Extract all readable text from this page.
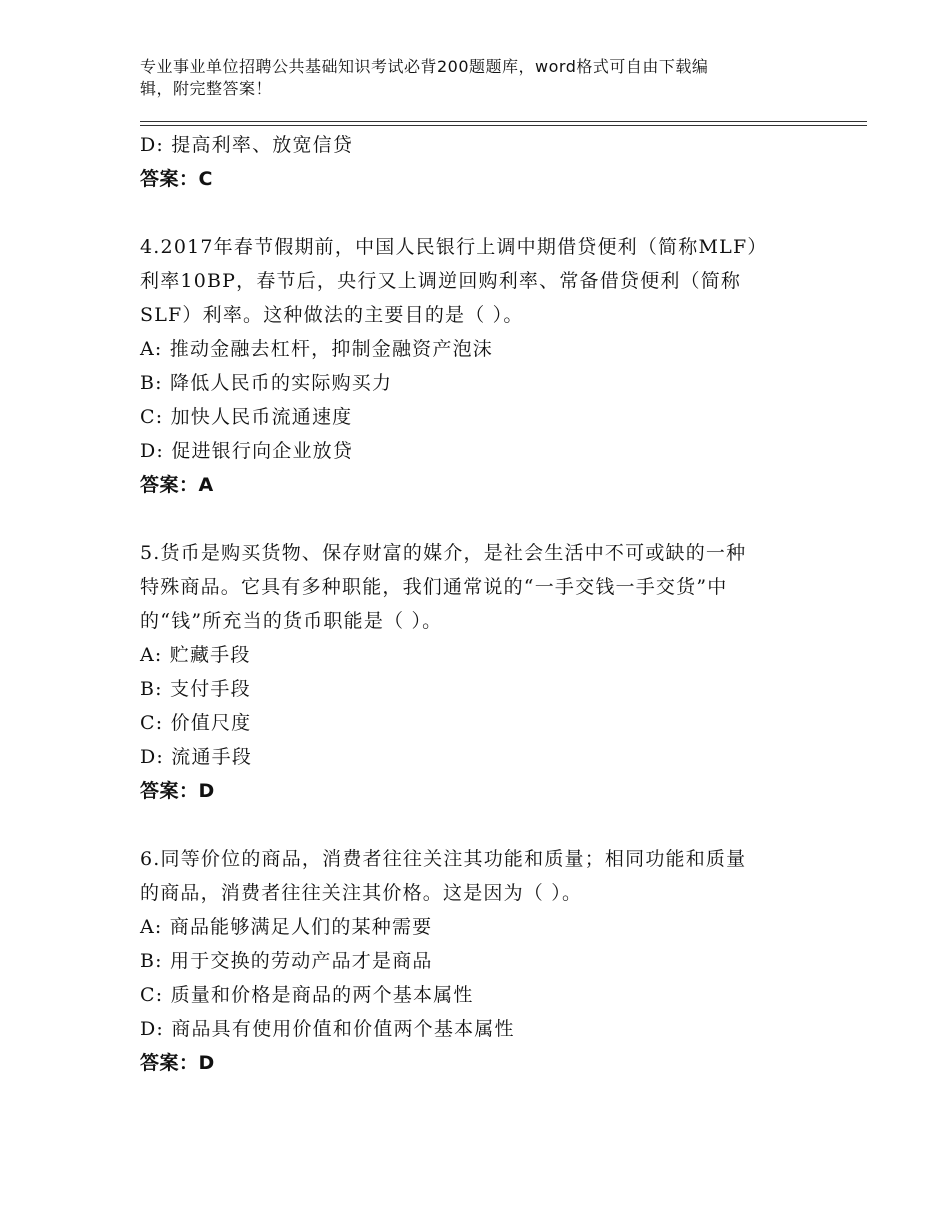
专业事业单位招聘公共基础知识考试必背200题题库，word格式可自由下载编
辑，附完整答案！
D: 提高利率、放宽信贷
答案：C
4.2017年春节假期前，中国人民银行上调中期借贷便利（简称MLF）
利率10BP，春节后，央行又上调逆回购利率、常备借贷便利（简称
SLF）利率。这种做法的主要目的是（ ）。
A: 推动金融去杠杆，抑制金融资产泡沫
B: 降低人民币的实际购买力
C: 加快人民币流通速度
D: 促进银行向企业放贷
答案：A
5.货币是购买货物、保存财富的媒介，是社会生活中不可或缺的一种
特殊商品。它具有多种职能，我们通常说的“一手交钱一手交货”中
的“钱”所充当的货币职能是（ ）。
A: 贮藏手段
B: 支付手段
C: 价值尺度
D: 流通手段
答案：D
6.同等价位的商品，消费者往往关注其功能和质量；相同功能和质量
的商品，消费者往往关注其价格。这是因为（ ）。
A: 商品能够满足人们的某种需要
B: 用于交换的劳动产品才是商品
C: 质量和价格是商品的两个基本属性
D: 商品具有使用价值和价值两个基本属性
答案：D
